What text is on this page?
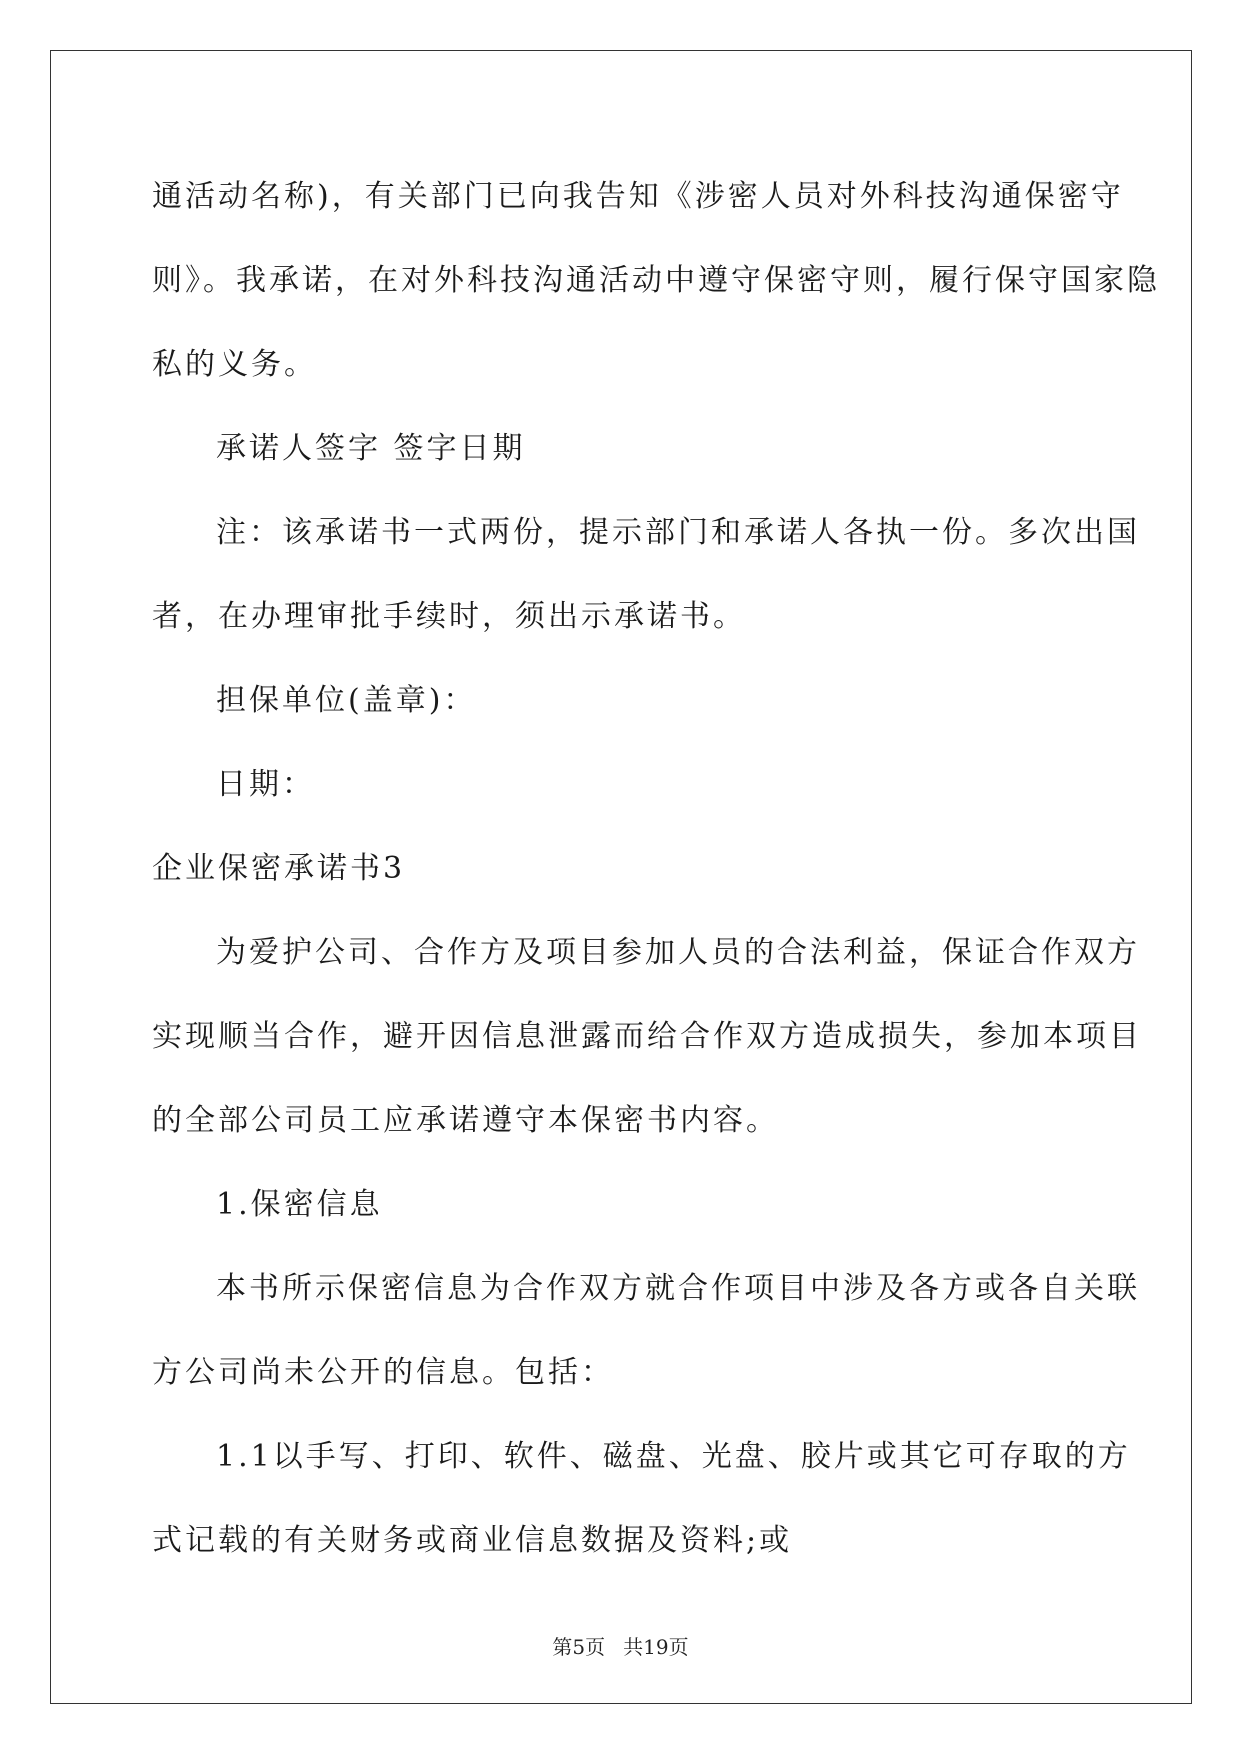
通活动名称)，有关部门已向我告知《涉密人员对外科技沟通保密守

则》。我承诺，在对外科技沟通活动中遵守保密守则，履行保守国家隐

私的义务。

承诺人签字 签字日期

注：该承诺书一式两份，提示部门和承诺人各执一份。多次出国

者，在办理审批手续时，须出示承诺书。

担保单位(盖章)：

日期：

企业保密承诺书3

为爱护公司、合作方及项目参加人员的合法利益，保证合作双方

实现顺当合作，避开因信息泄露而给合作双方造成损失，参加本项目

的全部公司员工应承诺遵守本保密书内容。

1.保密信息

本书所示保密信息为合作双方就合作项目中涉及各方或各自关联

方公司尚未公开的信息。包括：

1.1以手写、打印、软件、磁盘、光盘、胶片或其它可存取的方

式记载的有关财务或商业信息数据及资料;或

第5页 共19页
